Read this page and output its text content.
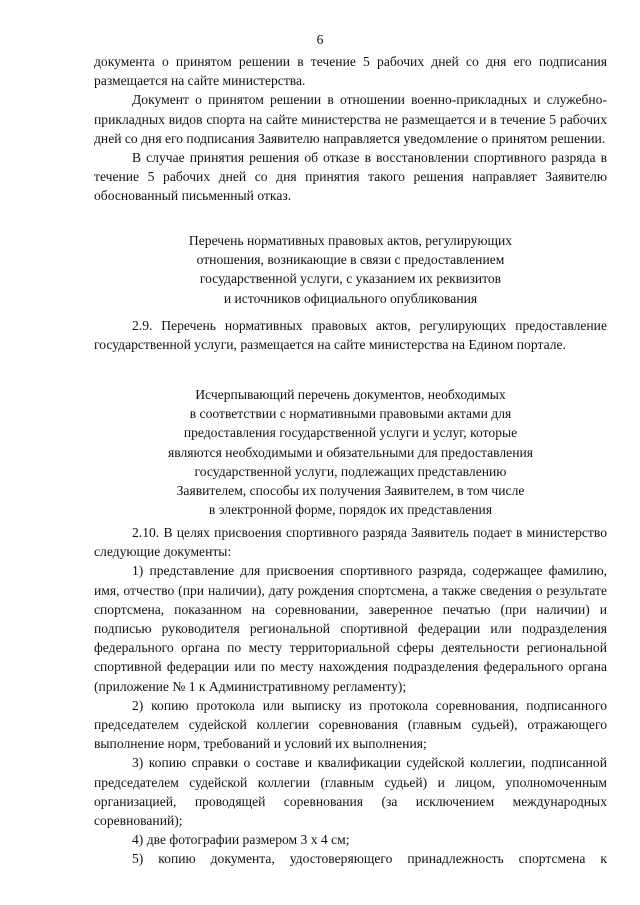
6

документа о принятом решении в течение 5 рабочих дней со дня его подписания размещается на сайте министерства.

Документ о принятом решении в отношении военно-прикладных и служебно-прикладных видов спорта на сайте министерства не размещается и в течение 5 рабочих дней со дня его подписания Заявителю направляется уведомление о принятом решении.

В случае принятия решения об отказе в восстановлении спортивного разряда в течение 5 рабочих дней со дня принятия такого решения направляет Заявителю обоснованный письменный отказ.

Перечень нормативных правовых актов, регулирующих
отношения, возникающие в связи с предоставлением
государственной услуги, с указанием их реквизитов
и источников официального опубликования

2.9. Перечень нормативных правовых актов, регулирующих предоставление государственной услуги, размещается на сайте министерства на Едином портале.

Исчерпывающий перечень документов, необходимых
в соответствии с нормативными правовыми актами для
предоставления государственной услуги и услуг, которые
являются необходимыми и обязательными для предоставления
государственной услуги, подлежащих представлению
Заявителем, способы их получения Заявителем, в том числе
в электронной форме, порядок их представления

2.10. В целях присвоения спортивного разряда Заявитель подает в министерство следующие документы:

1) представление для присвоения спортивного разряда, содержащее фамилию, имя, отчество (при наличии), дату рождения спортсмена, а также сведения о результате спортсмена, показанном на соревновании, заверенное печатью (при наличии) и подписью руководителя региональной спортивной федерации или подразделения федерального органа по месту территориальной сферы деятельности региональной спортивной федерации или по месту нахождения подразделения федерального органа (приложение № 1 к Административному регламенту);

2) копию протокола или выписку из протокола соревнования, подписанного председателем судейской коллегии соревнования (главным судьей), отражающего выполнение норм, требований и условий их выполнения;

3) копию справки о составе и квалификации судейской коллегии, подписанной председателем судейской коллегии (главным судьей) и лицом, уполномоченным организацией, проводящей соревнования (за исключением международных соревнований);

4) две фотографии размером 3 х 4 см;

5) копию документа, удостоверяющего принадлежность спортсмена к
